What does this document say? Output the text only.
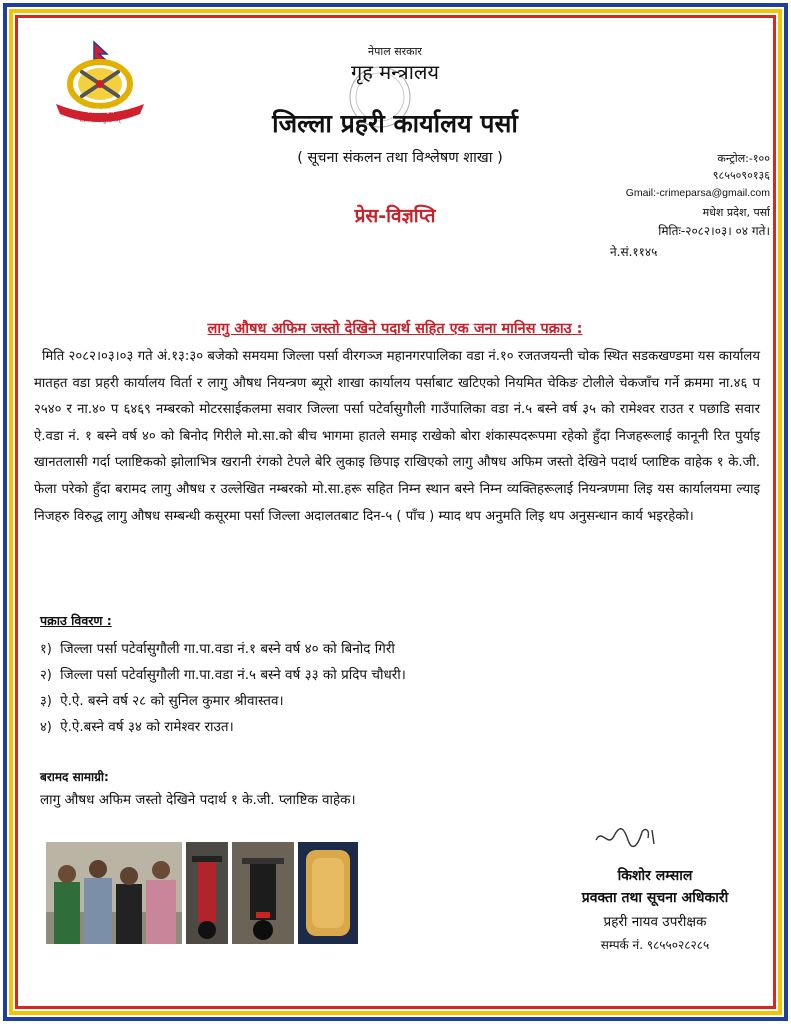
नेपाल प्रहरी
सत्य सेवा सुरक्षणम्
नेपाल सरकार
गृह मन्त्रालय
जिल्ला प्रहरी कार्यालय पर्सा
( सूचना संकलन तथा विश्लेषण शाखा )
प्रेस-विज्ञप्ति
कन्ट्रोल:-१००
९८५५०९०१३६
Gmail:-crimeparsa@gmail.com
मधेश प्रदेश, पर्सा
मितिः-२०८२।०३। ०४ गते।
ने.सं.११४५
लागु औषध अफिम जस्तो देखिने पदार्थ सहित एक जना मानिस पक्राउ :
मिति २०८२।०३।०३ गते अं.१३:३० बजेको समयमा जिल्ला पर्सा वीरगञ्ज महानगरपालिका वडा नं.१० रजतजयन्ती चोक स्थित सडकखण्डमा यस कार्यालय मातहत वडा प्रहरी कार्यालय विर्ता र लागु औषध नियन्त्रण ब्यूरो शाखा कार्यालय पर्साबाट खटिएको नियमित चेकिङ टोलीले चेकजाँच गर्ने क्रममा ना.४६ प २५४० र ना.४० प ६४६९ नम्बरको मोटरसाईकलमा सवार जिल्ला पर्सा पटेर्वासुगौली गाउँपालिका वडा नं.५ बस्ने वर्ष ३५ को रामेश्वर राउत र पछाडि सवार ऐ.वडा नं. १ बस्ने वर्ष ४० को बिनोद गिरीले मो.सा.को बीच भागमा हातले समाइ राखेको बोरा शंकास्पदरूपमा रहेको हुँदा निजहरूलाई कानूनी रित पुर्याइ खानतलासी गर्दा प्लाष्टिकको झोलाभित्र खरानी रंगको टेपले बेरि लुकाइ छिपाइ राखिएको लागु औषध अफिम जस्तो देखिने पदार्थ प्लाष्टिक वाहेक १ के.जी. फेला परेको हुँदा बरामद लागु औषध र उल्लेखित नम्बरको मो.सा.हरू सहित निम्न स्थान बस्ने निम्न व्यक्तिहरूलाई नियन्त्रणमा लिइ यस कार्यालयमा ल्याइ निजहरु विरुद्ध लागु औषध सम्बन्धी कसूरमा पर्सा जिल्ला अदालतबाट दिन-५ ( पाँच ) म्याद थप अनुमति लिइ थप अनुसन्धान कार्य भइरहेको।
पक्राउ विवरण :
१) जिल्ला पर्सा पटेर्वासुगौली गा.पा.वडा नं.१ बस्ने वर्ष ४० को बिनोद गिरी
२) जिल्ला पर्सा पटेर्वासुगौली गा.पा.वडा नं.५ बस्ने वर्ष ३३ को प्रदिप चौधरी।
३) ऐ.ऐ. बस्ने वर्ष २८ को सुनिल कुमार श्रीवास्तव।
४) ऐ.ऐ.बस्ने वर्ष ३४ को रामेश्वर राउत।
बरामद सामाग्री:
लागु औषध अफिम जस्तो देखिने पदार्थ १ के.जी. प्लाष्टिक वाहेक।
किशोर लम्साल
प्रवक्ता तथा सूचना अधिकारी
प्रहरी नायव उपरीक्षक
सम्पर्क नं. ९८५५०२८२८५
